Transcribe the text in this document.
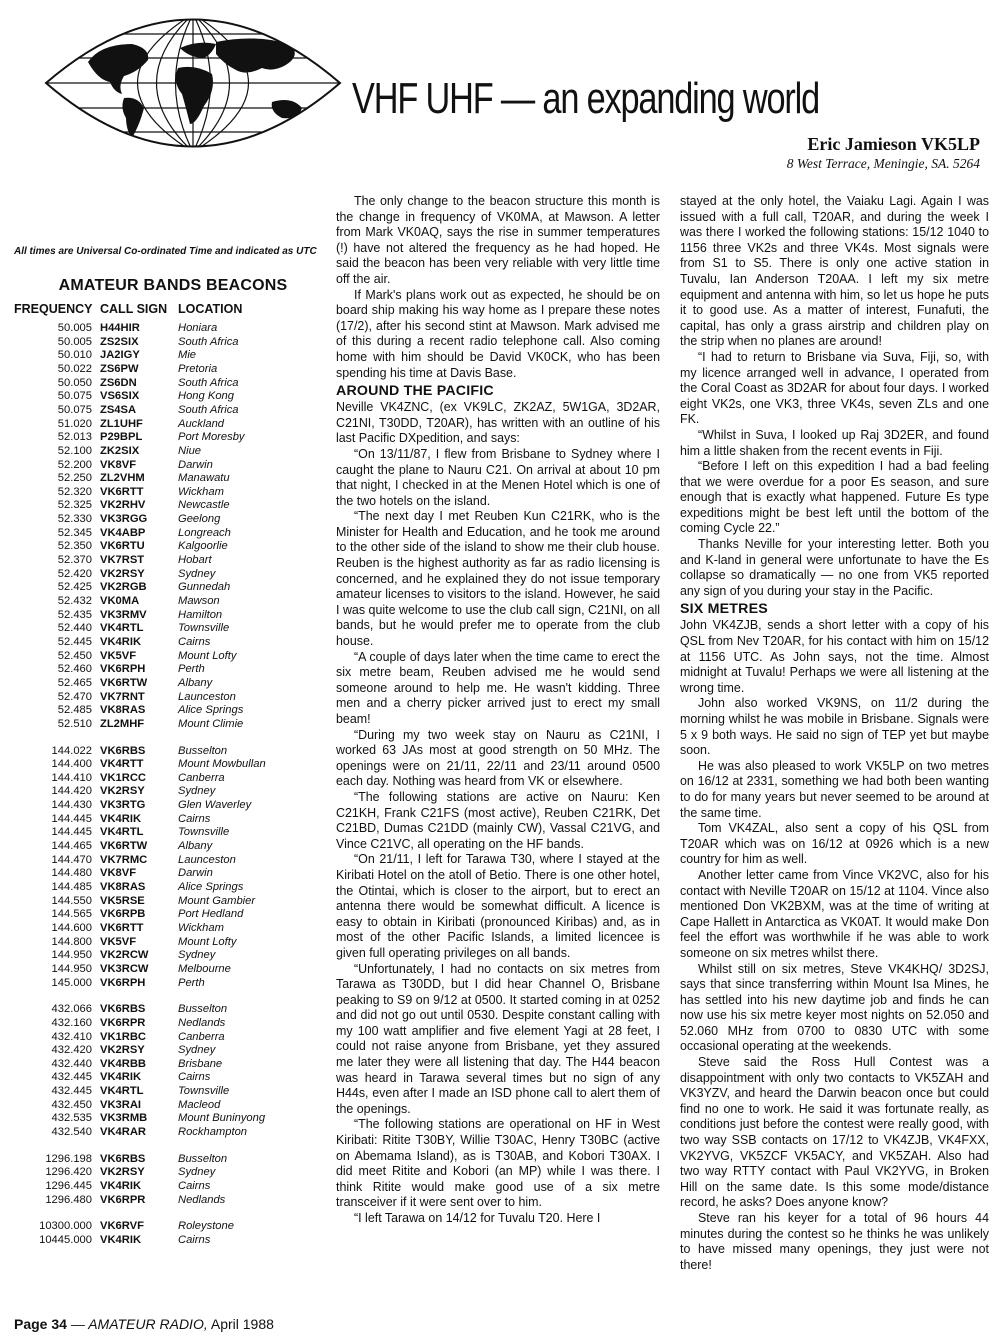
VHF UHF — an expanding world
Eric Jamieson VK5LP
8 West Terrace, Meningie, SA. 5264
All times are Universal Co-ordinated Time and indicated as UTC
AMATEUR BANDS BEACONS
FREQUENCY CALL SIGN LOCATION
50.005 H44HIR	Honiara
50.005 ZS2SIX	South Africa
50.010 JA2IGY	Mie
50.022 ZS6PW	Pretoria
50.050 ZS6DN	South Africa
50.075 VS6SIX	Hong Kong
50.075 ZS4SA	South Africa
51.020 ZL1UHF	Auckland
52.013 P29BPL	Port Moresby
52.100 ZK2SIX	Niue
52.200 VK8VF	Darwin
52.250 ZL2VHM	Manawatu
52.320 VK6RTT	Wickham
52.325 VK2RHV	Newcastle
52.330 VK3RGG	Geelong
52.345 VK4ABP	Longreach
52.350 VK6RTU	Kalgoorlie
52.370 VK7RST	Hobart
52.420 VK2RSY	Sydney
52.425 VK2RGB	Gunnedah
52.432 VK0MA	Mawson
52.435 VK3RMV	Hamilton
52.440 VK4RTL	Townsville
52.445 VK4RIK	Cairns
52.450 VK5VF	Mount Lofty
52.460 VK6RPH	Perth
52.465 VK6RTW	Albany
52.470 VK7RNT	Launceston
52.485 VK8RAS	Alice Springs
52.510 ZL2MHF	Mount Climie
144.022 VK6RBS	Busselton
144.400 VK4RTT	Mount Mowbullan
144.410 VK1RCC	Canberra
144.420 VK2RSY	Sydney
144.430 VK3RTG	Glen Waverley
144.445 VK4RIK	Cairns
144.445 VK4RTL	Townsville
144.465 VK6RTW	Albany
144.470 VK7RMC	Launceston
144.480 VK8VF	Darwin
144.485 VK8RAS	Alice Springs
144.550 VK5RSE	Mount Gambier
144.565 VK6RPB	Port Hedland
144.600 VK6RTT	Wickham
144.800 VK5VF	Mount Lofty
144.950 VK2RCW	Sydney
144.950 VK3RCW	Melbourne
145.000 VK6RPH	Perth
432.066 VK6RBS	Busselton
432.160 VK6RPR	Nedlands
432.410 VK1RBC	Canberra
432.420 VK2RSY	Sydney
432.440 VK4RBB	Brisbane
432.445 VK4RIK	Cairns
432.445 VK4RTL	Townsville
432.450 VK3RAI	Macleod
432.535 VK3RMB	Mount Buninyong
432.540 VK4RAR	Rockhampton
1296.198 VK6RBS	Busselton
1296.420 VK2RSY	Sydney
1296.445 VK4RIK	Cairns
1296.480 VK6RPR	Nedlands
10300.000 VK6RVF	Roleystone
10445.000 VK4RIK	Cairns

The only change to the beacon structure this month is the change in frequency of VK0MA, at Mawson. A letter from Mark VK0AQ, says the rise in summer temperatures (!) have not altered the frequency as he had hoped. He said the beacon has been very reliable with very little time off the air.

If Mark's plans work out as expected, he should be on board ship making his way home as I prepare these notes (17/2), after his second stint at Mawson. Mark advised me of this during a recent radio telephone call. Also coming home with him should be David VK0CK, who has been spending his time at Davis Base.

AROUND THE PACIFIC

Neville VK4ZNC, (ex VK9LC, ZK2AZ, 5W1GA, 3D2AR, C21NI, T30DD, T20AR), has written with an outline of his last Pacific DXpedition, and says:

“On 13/11/87, I flew from Brisbane to Sydney where I caught the plane to Nauru C21. On arrival at about 10 pm that night, I checked in at the Menen Hotel which is one of the two hotels on the island.

“The next day I met Reuben Kun C21RK, who is the Minister for Health and Education, and he took me around to the other side of the island to show me their club house. Reuben is the highest authority as far as radio licensing is concerned, and he explained they do not issue temporary amateur licenses to visitors to the island. However, he said I was quite welcome to use the club call sign, C21NI, on all bands, but he would prefer me to operate from the club house.

“A couple of days later when the time came to erect the six metre beam, Reuben advised me he would send someone around to help me. He wasn't kidding. Three men and a cherry picker arrived just to erect my small beam!

“During my two week stay on Nauru as C21NI, I worked 63 JAs most at good strength on 50 MHz. The openings were on 21/11, 22/11 and 23/11 around 0500 each day. Nothing was heard from VK or elsewhere.

“The following stations are active on Nauru: Ken C21KH, Frank C21FS (most active), Reuben C21RK, Det C21BD, Dumas C21DD (mainly CW), Vassal C21VG, and Vince C21VC, all operating on the HF bands.

“On 21/11, I left for Tarawa T30, where I stayed at the Kiribati Hotel on the atoll of Betio. There is one other hotel, the Otintai, which is closer to the airport, but to erect an antenna there would be somewhat difficult. A licence is easy to obtain in Kiribati (pronounced Kiribas) and, as in most of the other Pacific Islands, a limited licencee is given full operating privileges on all bands.

“Unfortunately, I had no contacts on six metres from Tarawa as T30DD, but I did hear Channel O, Brisbane peaking to S9 on 9/12 at 0500. It started coming in at 0252 and did not go out until 0530. Despite constant calling with my 100 watt amplifier and five element Yagi at 28 feet, I could not raise anyone from Brisbane, yet they assured me later they were all listening that day. The H44 beacon was heard in Tarawa several times but no sign of any H44s, even after I made an ISD phone call to alert them of the openings.

“The following stations are operational on HF in West Kiribati: Ritite T30BY, Willie T30AC, Henry T30BC (active on Abemama Island), as is T30AB, and Kobori T30AX. I did meet Ritite and Kobori (an MP) while I was there. I think Ritite would make good use of a six metre transceiver if it were sent over to him.

“I left Tarawa on 14/12 for Tuvalu T20. Here I

stayed at the only hotel, the Vaiaku Lagi. Again I was issued with a full call, T20AR, and during the week I was there I worked the following stations: 15/12 1040 to 1156 three VK2s and three VK4s. Most signals were from S1 to S5. There is only one active station in Tuvalu, Ian Anderson T20AA. I left my six metre equipment and antenna with him, so let us hope he puts it to good use. As a matter of interest, Funafuti, the capital, has only a grass airstrip and children play on the strip when no planes are around!

“I had to return to Brisbane via Suva, Fiji, so, with my licence arranged well in advance, I operated from the Coral Coast as 3D2AR for about four days. I worked eight VK2s, one VK3, three VK4s, seven ZLs and one FK.

“Whilst in Suva, I looked up Raj 3D2ER, and found him a little shaken from the recent events in Fiji.

“Before I left on this expedition I had a bad feeling that we were overdue for a poor Es season, and sure enough that is exactly what happened. Future Es type expeditions might be best left until the bottom of the coming Cycle 22.”

Thanks Neville for your interesting letter. Both you and K-land in general were unfortunate to have the Es collapse so dramatically — no one from VK5 reported any sign of you during your stay in the Pacific.

SIX METRES

John VK4ZJB, sends a short letter with a copy of his QSL from Nev T20AR, for his contact with him on 15/12 at 1156 UTC. As John says, not the time. Almost midnight at Tuvalu! Perhaps we were all listening at the wrong time.

John also worked VK9NS, on 11/2 during the morning whilst he was mobile in Brisbane. Signals were 5 x 9 both ways. He said no sign of TEP yet but maybe soon.

He was also pleased to work VK5LP on two metres on 16/12 at 2331, something we had both been wanting to do for many years but never seemed to be around at the same time.

Tom VK4ZAL, also sent a copy of his QSL from T20AR which was on 16/12 at 0926 which is a new country for him as well.

Another letter came from Vince VK2VC, also for his contact with Neville T20AR on 15/12 at 1104. Vince also mentioned Don VK2BXM, was at the time of writing at Cape Hallett in Antarctica as VK0AT. It would make Don feel the effort was worthwhile if he was able to work someone on six metres whilst there.

Whilst still on six metres, Steve VK4KHQ/ 3D2SJ, says that since transferring within Mount Isa Mines, he has settled into his new daytime job and finds he can now use his six metre keyer most nights on 52.050 and 52.060 MHz from 0700 to 0830 UTC with some occasional operating at the weekends.

Steve said the Ross Hull Contest was a disappointment with only two contacts to VK5ZAH and VK3YZV, and heard the Darwin beacon once but could find no one to work. He said it was fortunate really, as conditions just before the contest were really good, with two way SSB contacts on 17/12 to VK4ZJB, VK4FXX, VK2YVG, VK5ZCF VK5ACY, and VK5ZAH. Also had two way RTTY contact with Paul VK2YVG, in Broken Hill on the same date. Is this some mode/distance record, he asks? Does anyone know?

Steve ran his keyer for a total of 96 hours 44 minutes during the contest so he thinks he was unlikely to have missed many openings, they just were not there!

Page 34 — AMATEUR RADIO, April 1988
